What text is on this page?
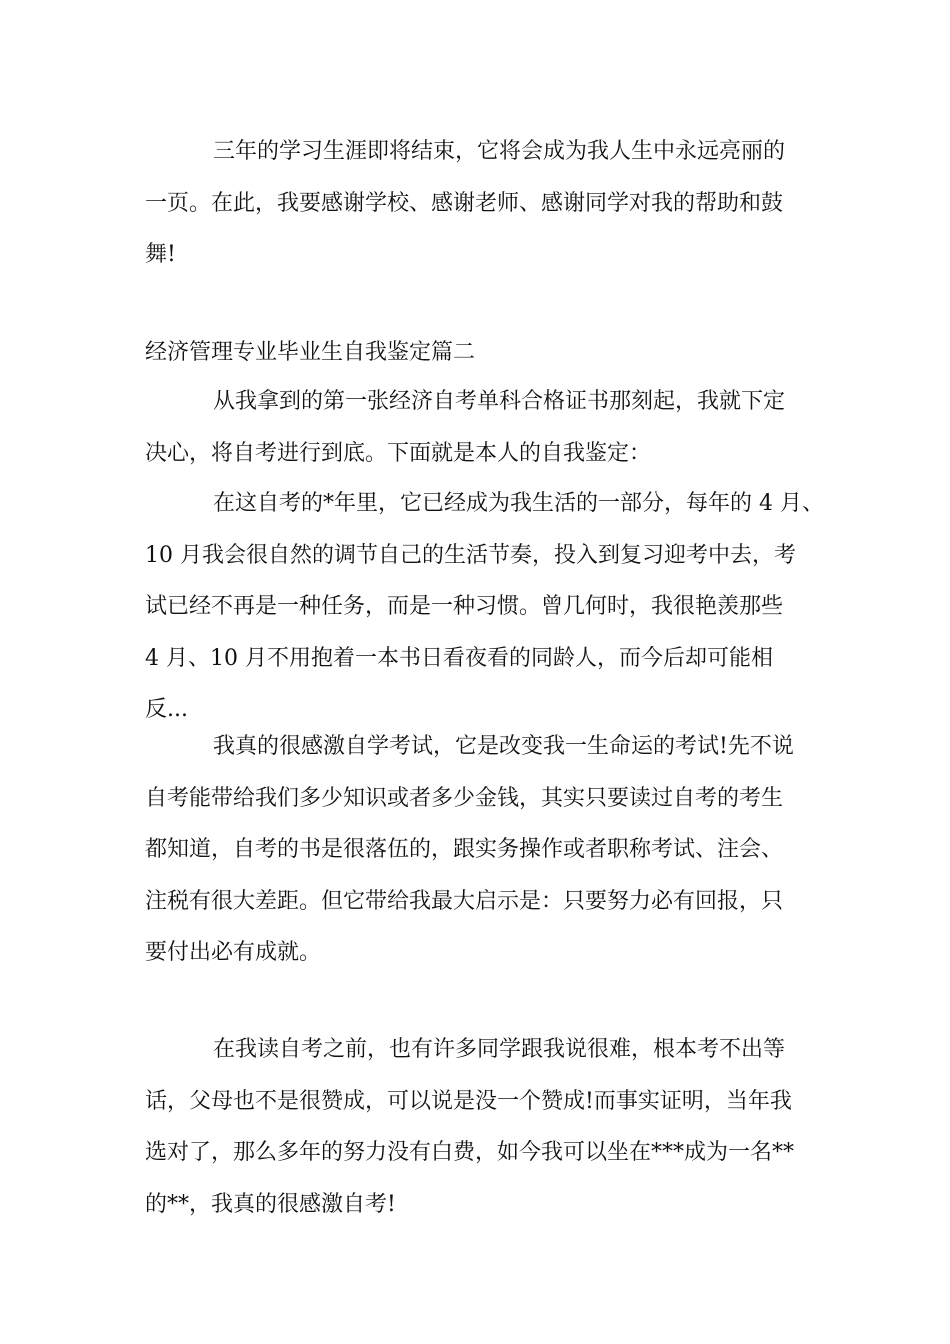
三年的学习生涯即将结束，它将会成为我人生中永远亮丽的
一页。在此，我要感谢学校、感谢老师、感谢同学对我的帮助和鼓
舞!
经济管理专业毕业生自我鉴定篇二
从我拿到的第一张经济自考单科合格证书那刻起，我就下定
决心，将自考进行到底。下面就是本人的自我鉴定：
在这自考的*年里，它已经成为我生活的一部分，每年的 4 月、
10 月我会很自然的调节自己的生活节奏，投入到复习迎考中去，考
试已经不再是一种任务，而是一种习惯。曾几何时，我很艳羡那些
4 月、10 月不用抱着一本书日看夜看的同龄人，而今后却可能相
反...
我真的很感激自学考试，它是改变我一生命运的考试!先不说
自考能带给我们多少知识或者多少金钱，其实只要读过自考的考生
都知道，自考的书是很落伍的，跟实务操作或者职称考试、注会、
注税有很大差距。但它带给我最大启示是：只要努力必有回报，只
要付出必有成就。
在我读自考之前，也有许多同学跟我说很难，根本考不出等
话，父母也不是很赞成，可以说是没一个赞成!而事实证明，当年我
选对了，那么多年的努力没有白费，如今我可以坐在***成为一名**
的**，我真的很感激自考!
